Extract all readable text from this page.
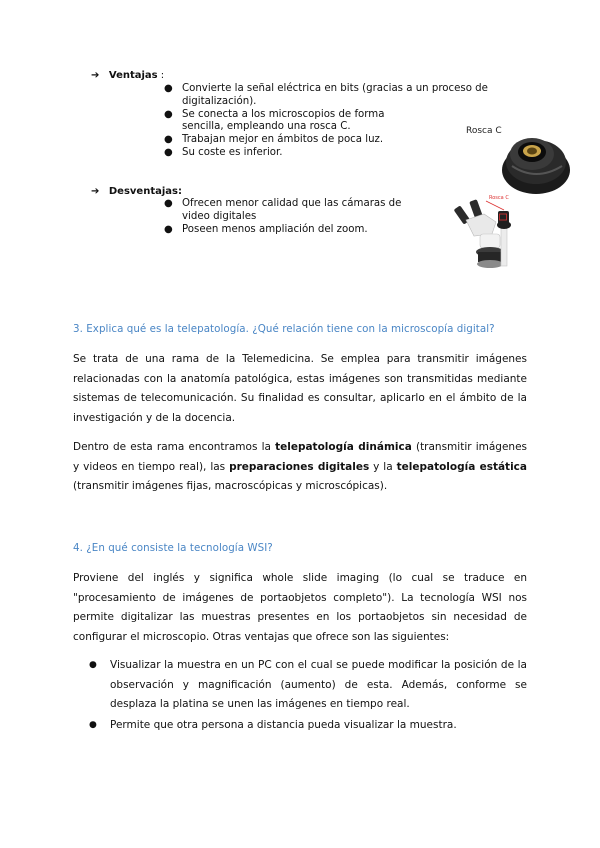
➔ Ventajas :
● Convierte la señal eléctrica en bits (gracias a un proceso de digitalización).
● Se conecta a los microscopios de forma sencilla, empleando una rosca C.
● Trabajan mejor en ámbitos de poca luz.
● Su coste es inferior.
Rosca C
➔ Desventajas:
● Ofrecen menor calidad que las cámaras de video digitales
● Poseen menos ampliación del zoom.
Rosca C
3. Explica qué es la telepatología. ¿Qué relación tiene con la microscopía digital?

Se trata de una rama de la Telemedicina. Se emplea para transmitir imágenes relacionadas con la anatomía patológica, estas imágenes son transmitidas mediante sistemas de telecomunicación. Su finalidad es consultar, aplicarlo en el ámbito de la investigación y de la docencia.

Dentro de esta rama encontramos la telepatología dinámica (transmitir imágenes y videos en tiempo real), las preparaciones digitales y la telepatología estática (transmitir imágenes fijas, macroscópicas y microscópicas).

4. ¿En qué consiste la tecnología WSI?

Proviene del inglés y significa whole slide imaging (lo cual se traduce en "procesamiento de imágenes de portaobjetos completo"). La tecnología WSI nos permite digitalizar las muestras presentes en los portaobjetos sin necesidad de configurar el microscopio. Otras ventajas que ofrece son las siguientes:

● Visualizar la muestra en un PC con el cual se puede modificar la posición de la observación y magnificación (aumento) de esta. Además, conforme se desplaza la platina se unen las imágenes en tiempo real.
● Permite que otra persona a distancia pueda visualizar la muestra.
